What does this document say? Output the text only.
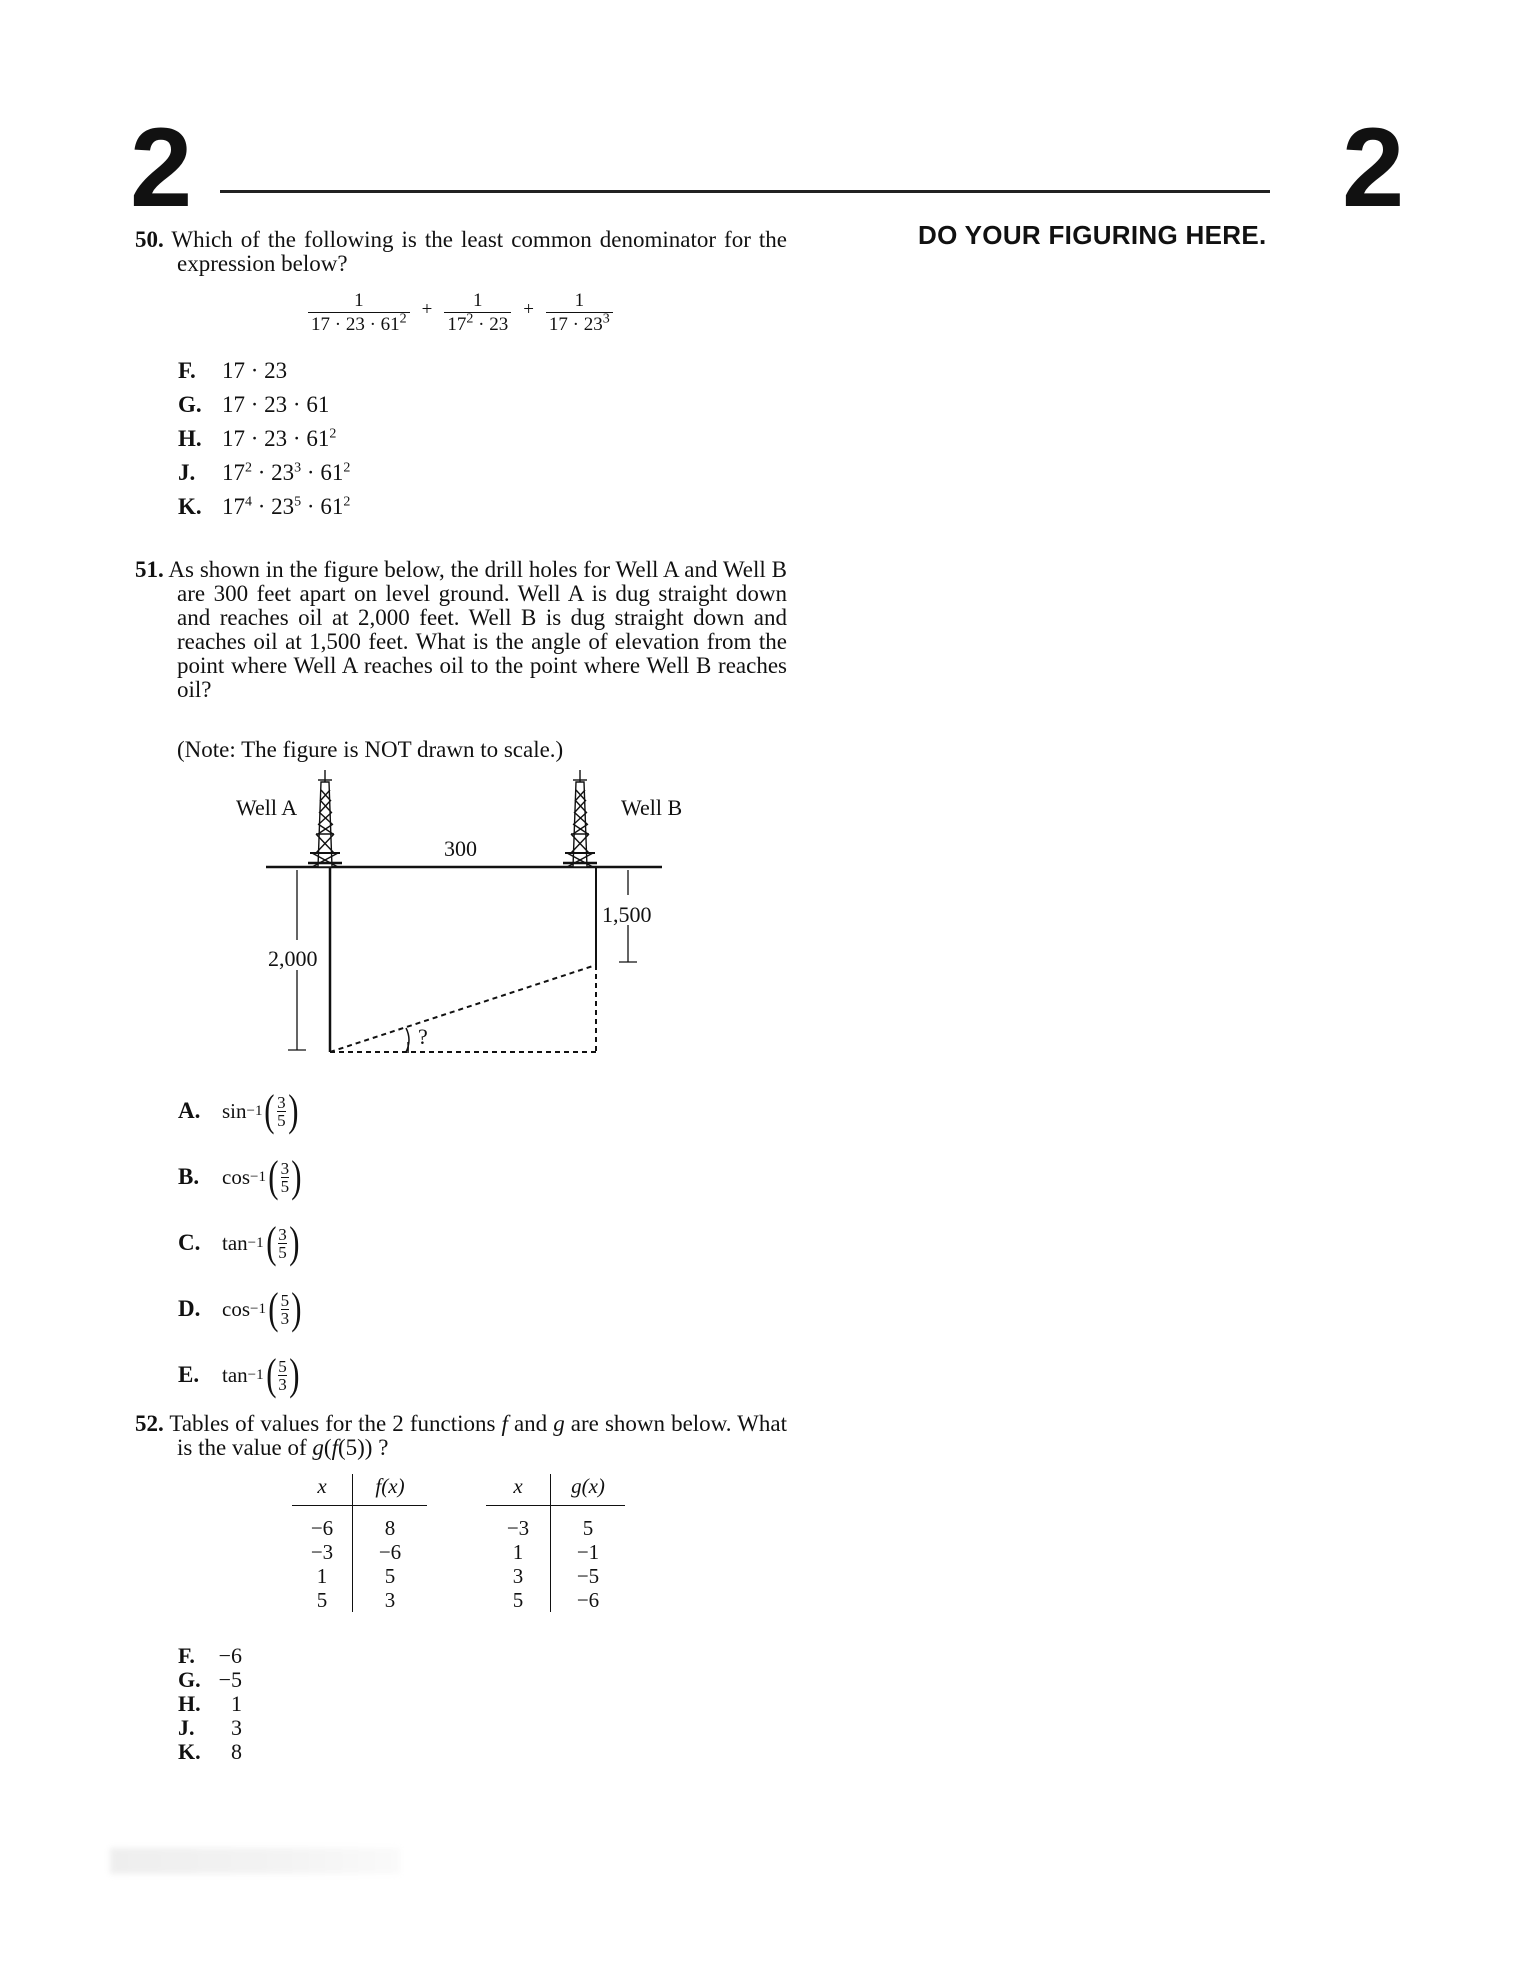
2	2
DO YOUR FIGURING HERE.
50. Which of the following is the least common denominator for the expression below?
$\frac{1}{17 \cdot 23 \cdot 61^2} + \frac{1}{17^2 \cdot 23} + \frac{1}{17 \cdot 23^3}$
F. 17 · 23
G. 17 · 23 · 61
H. $17 \cdot 23 \cdot 61^2$
J. $17^2 \cdot 23^3 \cdot 61^2$
K. $17^4 \cdot 23^5 \cdot 61^2$
51. As shown in the figure below, the drill holes for Well A and Well B are 300 feet apart on level ground. Well A is dug straight down and reaches oil at 2,000 feet. Well B is dug straight down and reaches oil at 1,500 feet. What is the angle of elevation from the point where Well A reaches oil to the point where Well B reaches oil?
(Note: The figure is NOT drawn to scale.)
Well A	Well B
300
2,000
1,500
?
A.	sin −1 ( $\frac{3}{5}$ )
B.	cos −1 ( $\frac{3}{5}$ )
C.	tan −1 ( $\frac{3}{5}$ )
D.	cos −1 ( $\frac{5}{3}$ )
E.	tan −1 ( $\frac{5}{3}$ )
52. Tables of values for the 2 functions f and g are shown below. What is the value of g(f(5)) ?
x	f(x)
−6	8
−3	−6
1	5
5	3
x	g(x)
−3	5
1	−1
3	−5
5	−6
F. −6
G. −5
H. 1
J. 3
K. 8
